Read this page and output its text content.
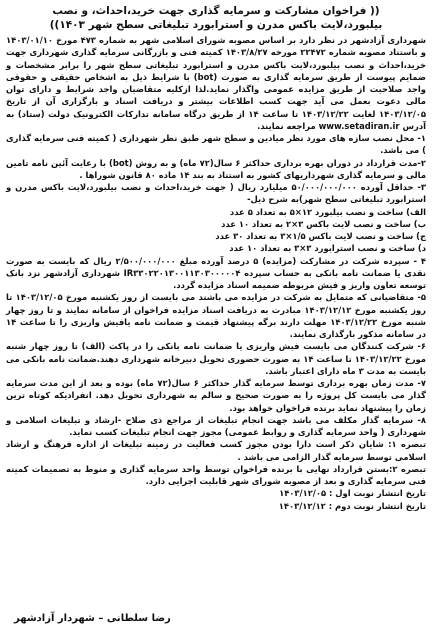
(( فراخوان مشارکت و سرمایه گذاری جهت خرید،احداث، و نصب
بیلبورد،لایت باکس مدرن و استرابورد تبلیغاتی سطح شهر ۱۴۰۳))

شهرداری آزادشهر در نظر دارد بر اساس مصوبه شورای اسلامی شهر به شماره ۴۷۳ مورخ ۱۴۰۳/۰۱/۱۰ و باستناد مصوبه شماره ۲۲۴۷۲ مورخه ۱۴۰۳/۸/۲۷ کمیته فنی و بازرگانی سرمایه گذاری شهرداری جهت خرید،احداث و نصب بیلبورد،لایت باکس مدرن و استرابورد تبلیغاتی سطح شهر را برابر مشخصات و ضمایم پیوست از طریق سرمایه گذاری به صورت (bot) با شرایط ذیل به اشخاص حقیقی و حقوقی واجد صلاحیت از طریق مزایده عمومی واگذار نماید.لذا ازکلیه متقاضیان واجد شرایط و دارای توان مالی دعوت بعمل می آید جهت کسب اطلاعات بیشتر و دریافت اسناد و بارگزاری آن از تاریخ ۱۴۰۳/۱۲/۰۵ لغایت ۱۴۰۳/۱۲/۲۲ تا ساعت ۱۴ از طریق درگاه سامانه تدارکات الکترونیک دولت (ستاد) به آدرس www.setadiran.ir مراجعه نمایند.

۱- محل نصب سازه های مورد نظر میادین و سطح شهر طبق نظر شهرداری ( کمیته فنی سرمایه گذاری ) می باشد.

۲-مدت قرارداد در دوران بهره برداری حداکثر ۶ سال(۷۲ ماه) و به روش (bot) با رعایت آئین نامه تامین مالی و سرمایه گذاری شهرداریهای کشور به استناد به بند ۱۴ ماده ۸۰ قانون شوراها .

۳- حداقل آورده ۵۰/۰۰۰/۰۰۰/۰۰۰ میلیارد ریال ( جهت خرید،احداث و نصب بیلبورد،لایت باکس مدرن و استرابورد تبلیغاتی سطح شهر)به شرح ذیل-

الف) ساخت و نصب بیلبورد ۱۲×۵ به تعداد ۵ عدد

ب) ساخت و نصب لایت باکس ۳×۲ به تعداد ۱۰ عدد

ج) ساخت و نصب لایت باکس ۱/۵×۳ به تعداد ۳۰ عدد

د) ساخت و نصب استرابورد ۳×۳ به تعداد ۱۰ عدد

۴ - سپرده شرکت در مشارکت (مزایده) ۵ درصد آورده مبلغ ۲/۵۰۰/۰۰۰/۰۰۰ ریال که بایست به صورت نقدی یا ضمانت نامه بانکی به حساب سپرده IR۳۳۰۲۲۰۱۳۰۰۱۱۳۰۳۰۰۰۰۰۴ شهرداری آزادشهر نزد بانک توسعه تعاون واریز و فیش مربوطه ضمیمه اسناد مزایده گردد.

۵- متقاضیانی که متمایل به شرکت در مزایده می باشند می بایست از روز یکشنبه مورخ ۱۴۰۳/۱۲/۰۵ تا روز یکشنبه مورخ ۱۴۰۳/۱۲/۱۲ مبادرت به دریافت اسناد مزایده فراخوان از سامانه نمایند و تا روز چهار شنبه مورخ ۱۴۰۳/۱۲/۲۲ مهلت دارند برگه پیشنهاد قیمت و ضمانت نامه یافیش واریزی را تا ساعت ۱۴ در سامانه مذکور بارگذاری نمایند.

۶- شرکت کنندگان می بایست فیش واریزی یا ضمانت نامه بانکی را در پاکت (الف) تا روز چهار شنبه مورخ ۱۴۰۳/۱۲/۲۲ تا ساعت ۱۴ به صورت حضوری تحویل دبیرخانه شهرداری دهند.ضمانت نامه بانکی می بایست به مدت ۳ ماه دارای اعتبار باشد.

۷- مدت زمان بهره برداری توسط سرمایه گذار حداکثر ۶ سال(۷۲ ماه) بوده و بعد از این مدت سرمایه گذار می بایست کل پروژه را به صورت صحیح و سالم به شهرداری تحویل دهد. انفرادیکه کوتاه ترین زمان را پیشنهاد نماید برنده فراخوان خواهد بود.

۸- سرمایه گذار مکلف می باشد جهت انجام تبلیغات از مراجع ذی صلاح -ارشاد و تبلیغات اسلامی و شهرداری ( واحد سرمایه گذاری و روابط عمومی) مجوز جهت انجام تبلیغات کسب نماید.

تبصره ۱: شایان ذکر است دارا بودن مجوز کسب فعالیت در زمینه تبلیغات از اداره فرهنگ و ارشاد اسلامی توسط سرمایه گذار الزامی می باشد .

تبصره ۲:بستن قرارداد نهایی با برنده فراخوان توسط واحد سرمایه گذاری و منوط به تصمیمات کمیته فنی سرمایه گذاری و بعد از مصوبه شورای شهر قابلیت اجرایی دارد.

تاریخ انتشار نوبت اول : ۱۴۰۳/۱۲/۰۵

تاریخ انتشار نوبت دوم : ۱۴۰۳/۱۲/۱۲

رضا سلطانی – شهردار آزادشهر
